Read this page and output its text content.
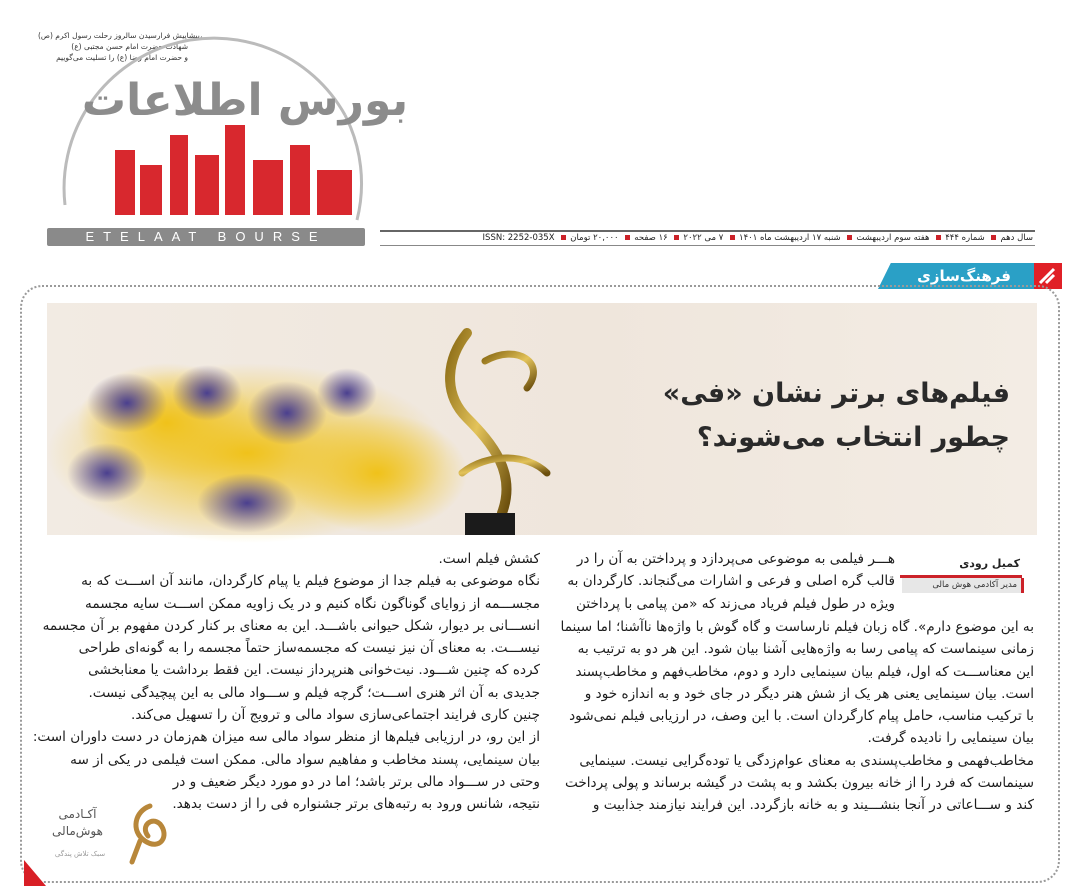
پیشاپیش فرارسیدن سالروز رحلت رسول اکرم (ص)،
شهادت حضرت امام حسن مجتبی (ع)
و حضرت امام رضا (ع) را تسلیت می‌گوییم
بورس اطلاعات
ETELAAT BOURSE	سال دهم شماره ۴۴۴ هفته سوم اردیبهشت شنبه ۱۷ اردیبهشت ماه ۱۴۰۱ ۷ می ۲۰۲۲ ۱۶ صفحه ۲۰,۰۰۰ تومان ISSN: 2252-035X
فرهنگ‌سازی
فیلم‌های برتر نشان «فی»
چطور انتخاب می‌شوند؟
کمیل رودی
مدیر آکادمی هوش مالی
هـــر فیلمی به موضوعی می‌پردازد و پرداختن به آن را در
قالب گره اصلی و فرعی و اشارات می‌گنجاند. کارگردان به
ویژه در طول فیلم فریاد می‌زند که «من پیامی با پرداختن
به این موضوع دارم». گاه زبان فیلم نارساست و گاه گوش با واژه‌ها ناآشنا؛ اما سینما
زمانی سینماست که پیامی رسا به واژه‌هایی آشنا بیان شود. این هر دو به ترتیب به
این معناســـت که اول، فیلم بیان سینمایی دارد و دوم، مخاطب‌فهم و مخاطب‌پسند
است. بیان سینمایی یعنی هر یک از شش هنر دیگر در جای خود و به اندازه خود و
با ترکیب مناسب، حامل پیام کارگردان است. با این وصف، در ارزیابی فیلم نمی‌شود
بیان سینمایی را نادیده گرفت.
مخاطب‌فهمی و مخاطب‌پسندی به معنای عوام‌زدگی یا توده‌گرایی نیست. سینمایی
سینماست که فرد را از خانه بیرون بکشد و به پشت در گیشه برساند و پولی پرداخت
کند و ســـاعاتی در آنجا بنشـــیند و به خانه بازگردد. این فرایند نیازمند جذابیت و
کشش فیلم است.
نگاه موضوعی به فیلم جدا از موضوع فیلم یا پیام کارگردان، مانند آن اســـت که به
مجســـمه از زوایای گوناگون نگاه کنیم و در یک زاویه ممکن اســـت سایه مجسمه
انســـانی بر دیوار، شکل حیوانی باشـــد. این به معنای بر کنار کردن مفهوم بر آن مجسمه
نیســـت. به معنای آن نیز نیست که مجسمه‌ساز حتماً مجسمه را به گونه‌ای طراحی
کرده که چنین شـــود. نیت‌خوانی هنرپرداز نیست. این فقط برداشت یا معنابخشی
جدیدی به آن اثر هنری اســـت؛ گرچه فیلم و ســـواد مالی به این پیچیدگی نیست.
چنین کاری فرایند اجتماعی‌سازی سواد مالی و ترویج آن را تسهیل می‌کند.
از این رو، در ارزیابی فیلم‌ها از منظر سواد مالی سه میزان هم‌زمان در دست داوران است:
بیان سینمایی، پسند مخاطب و مفاهیم سواد مالی. ممکن است فیلمی در یکی از سه
وحتی در ســـواد مالی برتر باشد؛ اما در دو مورد دیگر ضعیف و در
نتیجه، شانس ورود به رتبه‌های برتر جشنواره فی را از دست بدهد.
آکـادمی
هوش‌مالی
سبک تلاش پندگی
